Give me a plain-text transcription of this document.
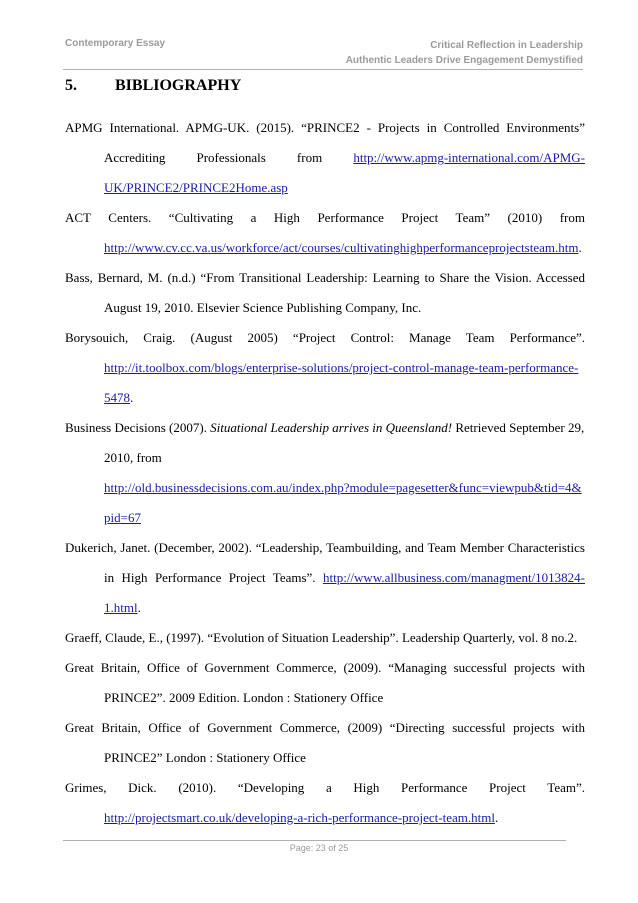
Contemporary Essay	Critical Reflection in Leadership
Authentic Leaders Drive Engagement Demystified
5. BIBLIOGRAPHY
APMG International. APMG-UK. (2015). “PRINCE2 - Projects in Controlled Environments”
Accrediting Professionals from http://www.apmg-international.com/APMG-
UK/PRINCE2/PRINCE2Home.asp
ACT Centers. “Cultivating a High Performance Project Team” (2010) from
http://www.cv.cc.va.us/workforce/act/courses/cultivatinghighperformanceprojectsteam.htm.
Bass, Bernard, M. (n.d.) “From Transitional Leadership: Learning to Share the Vision. Accessed
August 19, 2010. Elsevier Science Publishing Company, Inc.
Borysouich, Craig. (August 2005) “Project Control: Manage Team Performance”.
http://it.toolbox.com/blogs/enterprise-solutions/project-control-manage-team-performance-
5478.
Business Decisions (2007). Situational Leadership arrives in Queensland! Retrieved September 29,
2010, from
http://old.businessdecisions.com.au/index.php?module=pagesetter&func=viewpub&tid=4&
pid=67
Dukerich, Janet. (December, 2002). “Leadership, Teambuilding, and Team Member Characteristics
in High Performance Project Teams”. http://www.allbusiness.com/managment/1013824-
1.html.
Graeff, Claude, E., (1997). “Evolution of Situation Leadership”. Leadership Quarterly, vol. 8 no.2.
Great Britain, Office of Government Commerce, (2009). “Managing successful projects with
PRINCE2”. 2009 Edition. London : Stationery Office
Great Britain, Office of Government Commerce, (2009) “Directing successful projects with
PRINCE2” London : Stationery Office
Grimes, Dick. (2010). “Developing a High Performance Project Team”.
http://projectsmart.co.uk/developing-a-rich-performance-project-team.html.
Page: 23 of 25
